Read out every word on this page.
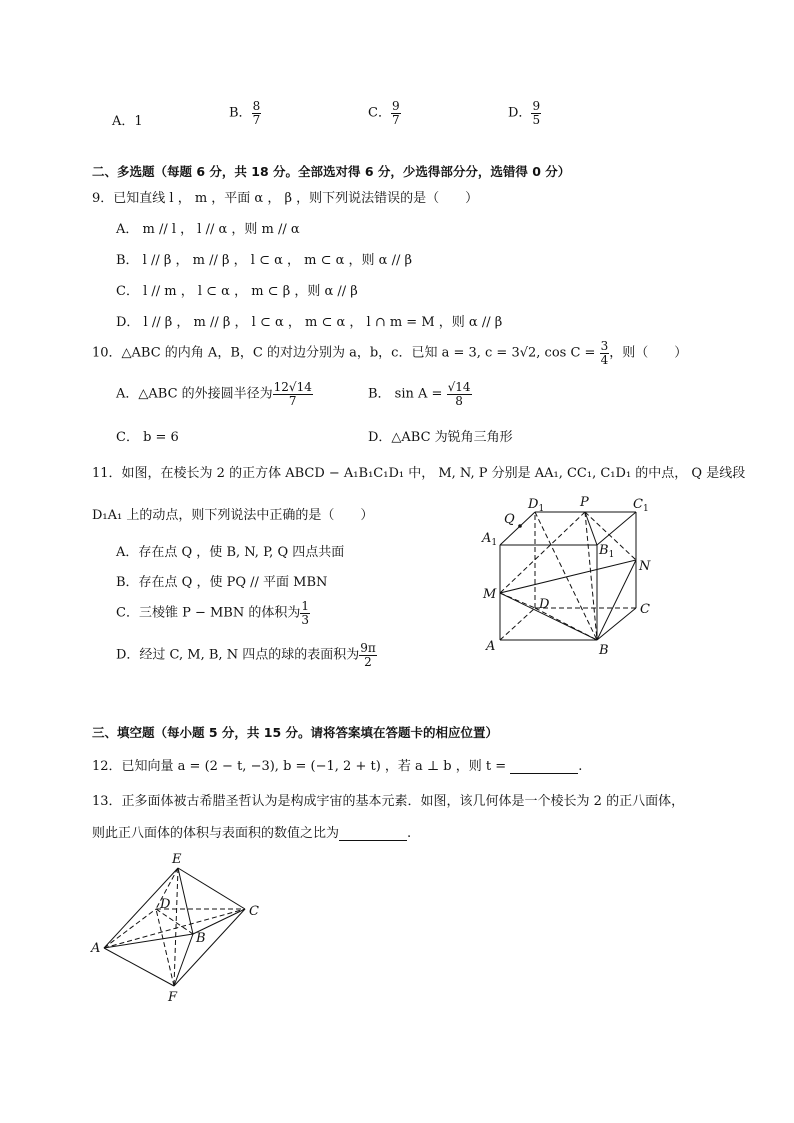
A．1
B． $\frac{8}{7}$	C． $\frac{9}{7}$	D． $\frac{9}{5}$
二、多选题（每题 6 分，共 18 分。全部选对得 6 分，少选得部分分，选错得 0 分）
9．已知直线 l ， m ，平面 α ， β ，则下列说法错误的是（　　）
A． m // l ， l // α ，则 m // α
B． l // β ， m // β ， l ⊂ α ， m ⊂ α ，则 α // β
C． l // m ， l ⊂ α ， m ⊂ β ，则 α // β
D． l // β ， m // β ， l ⊂ α ， m ⊂ α ， l ∩ m = M ，则 α // β
10．△ABC 的内角 A，B，C 的对边分别为 a，b，c．已知 a = 3, c = 3√2, $\cos C = \frac{3}{4}$ ，则（　　）
A．△ABC 的外接圆半径为 $\frac{12√14}{7}$	B． $\sin A = \frac{√14}{8}$
C． b = 6	D．△ABC 为锐角三角形
11．如图，在棱长为 2 的正方体 ABCD − A₁B₁C₁D₁ 中， M, N, P 分别是 AA₁, CC₁, C₁D₁ 的中点， Q 是线段
D₁A₁ 上的动点，则下列说法中正确的是（　　）
A．存在点 Q ，使 B, N, P, Q 四点共面
B．存在点 Q ，使 PQ // 平面 MBN
C．三棱锥 P − MBN 的体积为 $\frac{1}{3}$
D．经过 C, M, B, N 四点的球的表面积为 $\frac{9\pi}{2}$	A	B
C
D
$A_1$	$B_1$
$C_1$
$D_1$
M
N
P
Q
三、填空题（每小题 5 分，共 15 分。请将答案填在答题卡的相应位置）
12．已知向量 a = (2 − t, −3), b = (−1, 2 + t) ，若 a ⊥ b ，则 t =	.
13．正多面体被古希腊圣哲认为是构成宇宙的基本元素．如图，该几何体是一个棱长为 2 的正八面体，
则此正八面体的体积与表面积的数值之比为	.
E
D	C
B
A
F
